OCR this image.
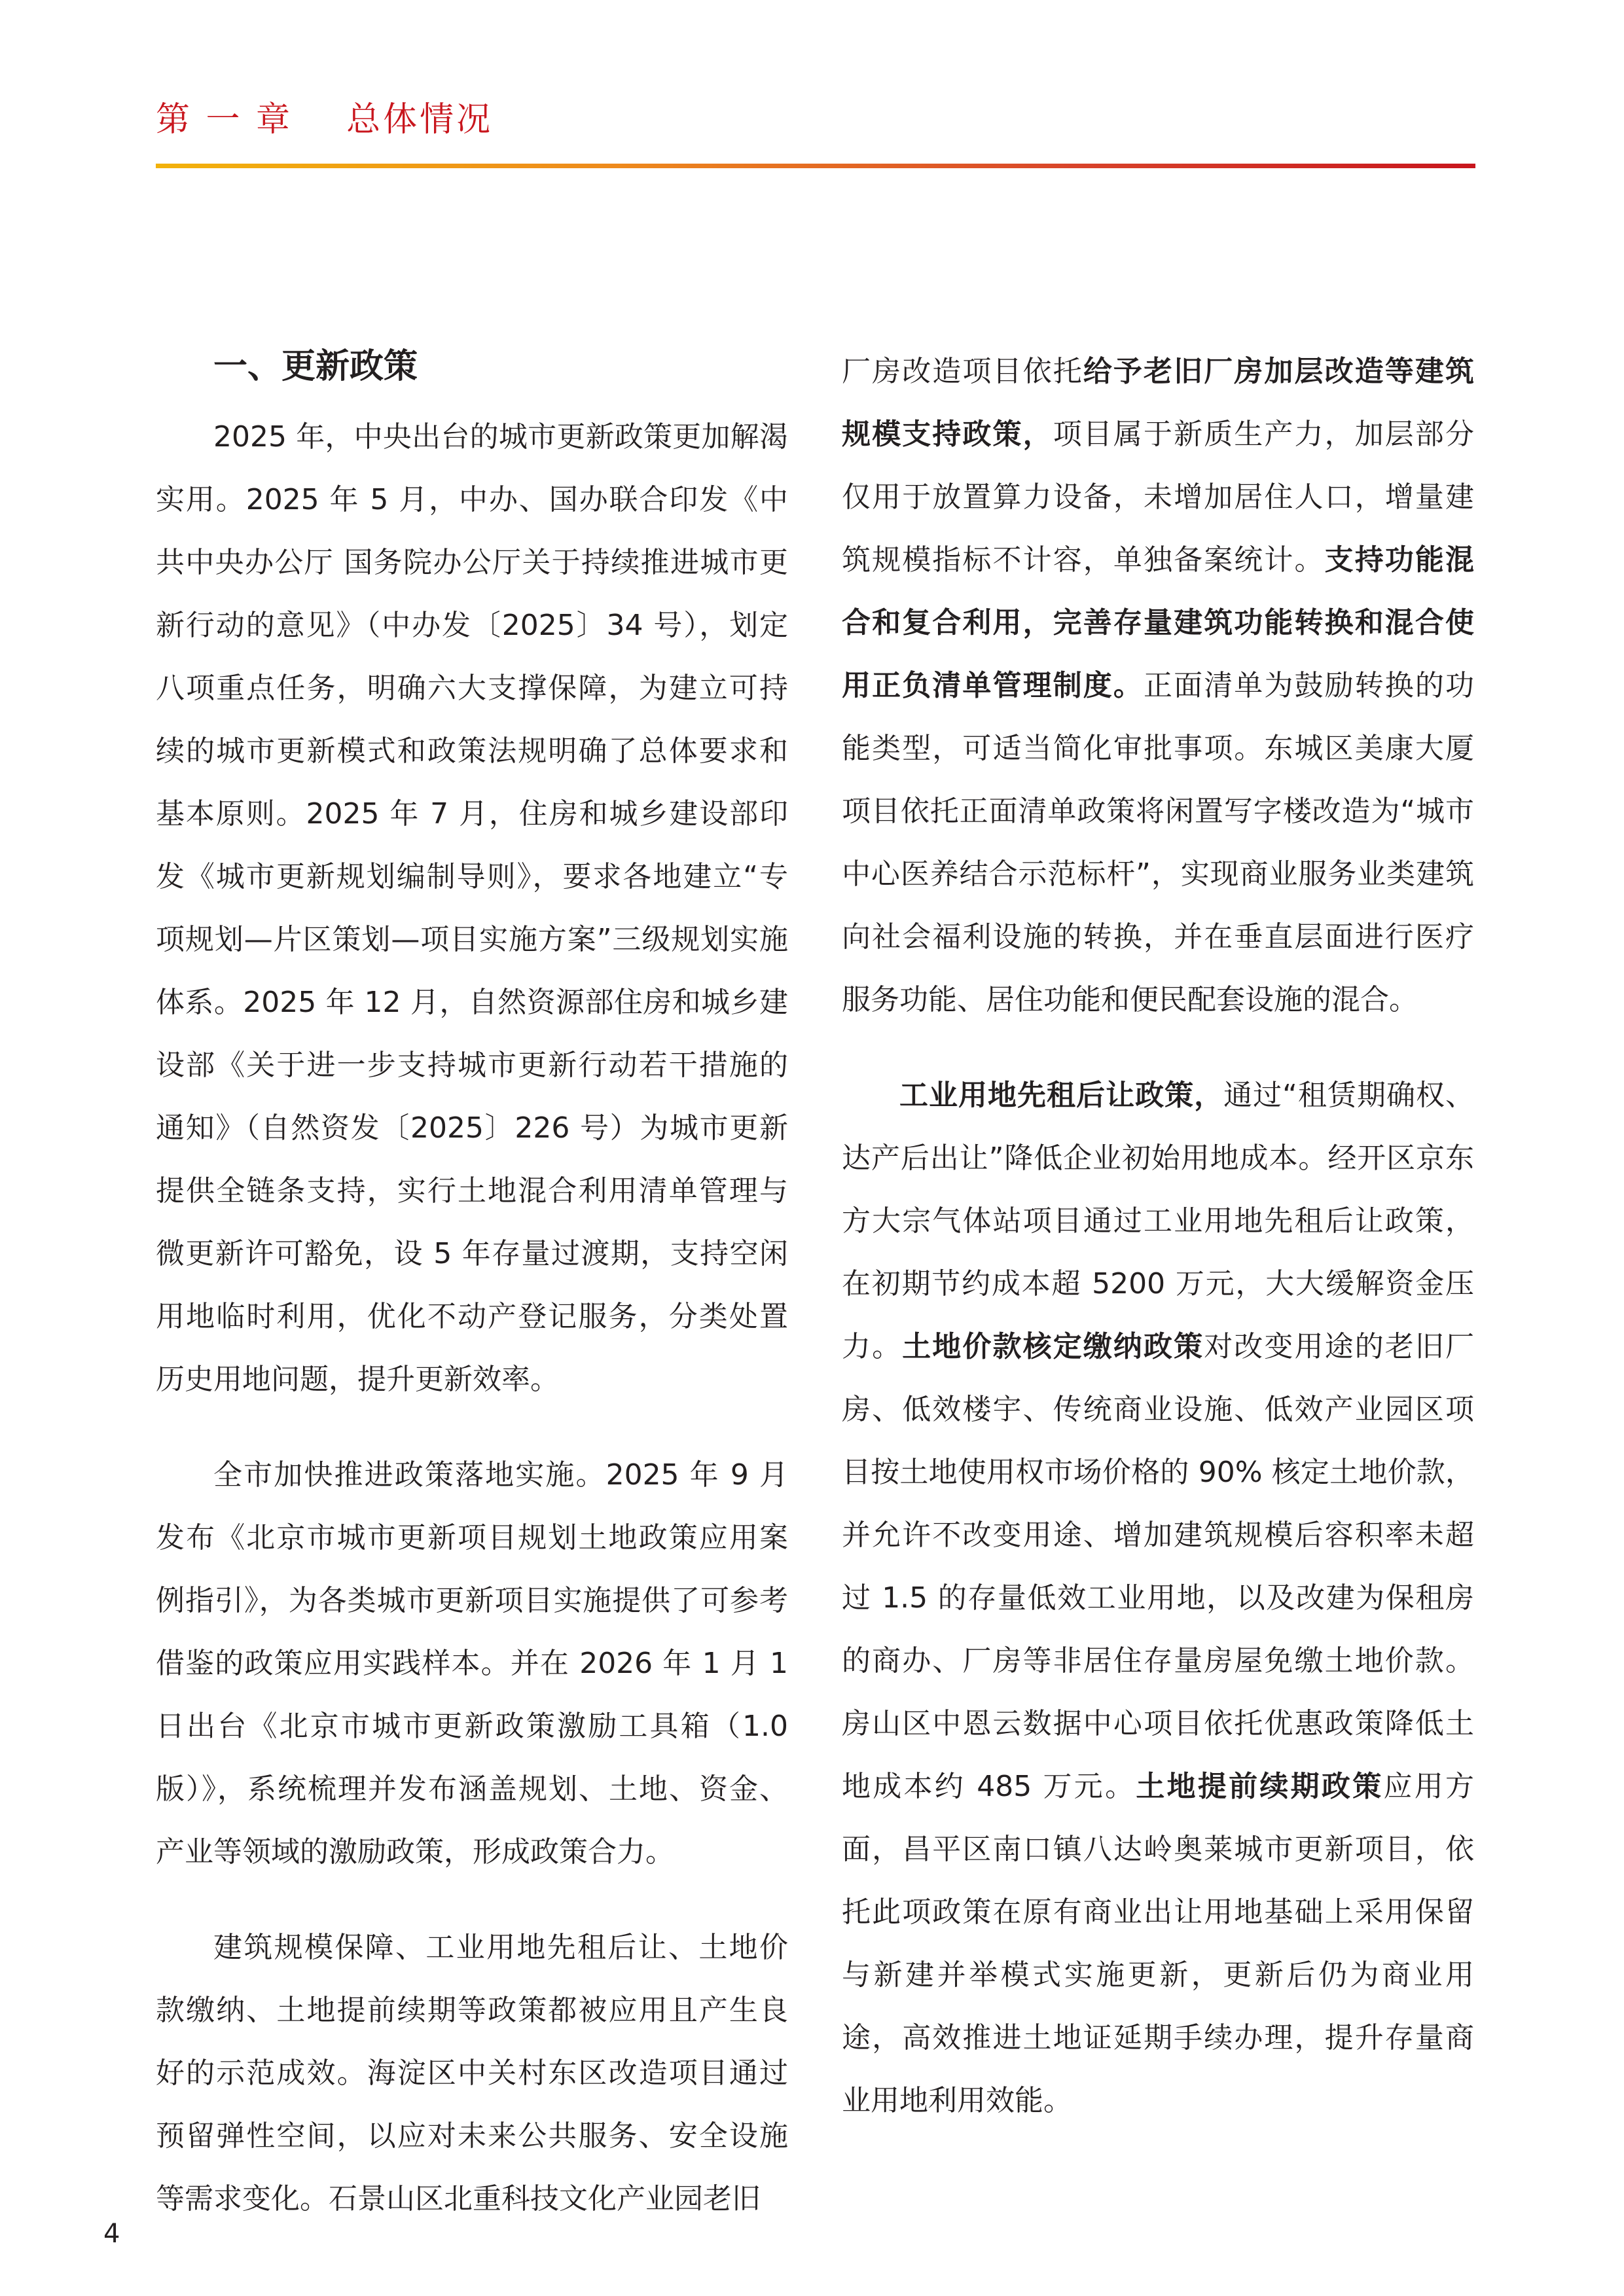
第 一 章    总体情况
一、更新政策

2025 年，中央出台的城市更新政策更加解渴实用。2025 年 5 月，中办、国办联合印发《中共中央办公厅 国务院办公厅关于持续推进城市更新行动的意见》（中办发〔2025〕34 号），划定八项重点任务，明确六大支撑保障，为建立可持续的城市更新模式和政策法规明确了总体要求和基本原则。2025 年 7 月，住房和城乡建设部印发《城市更新规划编制导则》，要求各地建立“专项规划—片区策划—项目实施方案”三级规划实施体系。2025 年 12 月，自然资源部住房和城乡建设部《关于进一步支持城市更新行动若干措施的通知》（自然资发〔2025〕226 号）为城市更新提供全链条支持，实行土地混合利用清单管理与微更新许可豁免，设 5 年存量过渡期，支持空闲用地临时利用，优化不动产登记服务，分类处置历史用地问题，提升更新效率。

全市加快推进政策落地实施。2025 年 9 月发布《北京市城市更新项目规划土地政策应用案例指引》，为各类城市更新项目实施提供了可参考借鉴的政策应用实践样本。并在 2026 年 1 月 1 日出台《北京市城市更新政策激励工具箱（1.0 版）》，系统梳理并发布涵盖规划、土地、资金、产业等领域的激励政策，形成政策合力。

建筑规模保障、工业用地先租后让、土地价款缴纳、土地提前续期等政策都被应用且产生良好的示范成效。海淀区中关村东区改造项目通过预留弹性空间，以应对未来公共服务、安全设施等需求变化。石景山区北重科技文化产业园老旧

厂房改造项目依托给予老旧厂房加层改造等建筑规模支持政策，项目属于新质生产力，加层部分仅用于放置算力设备，未增加居住人口，增量建筑规模指标不计容，单独备案统计。支持功能混合和复合利用，完善存量建筑功能转换和混合使用正负清单管理制度。正面清单为鼓励转换的功能类型，可适当简化审批事项。东城区美康大厦项目依托正面清单政策将闲置写字楼改造为“城市中心医养结合示范标杆”，实现商业服务业类建筑向社会福利设施的转换，并在垂直层面进行医疗服务功能、居住功能和便民配套设施的混合。

工业用地先租后让政策，通过“租赁期确权、达产后出让”降低企业初始用地成本。经开区京东方大宗气体站项目通过工业用地先租后让政策，在初期节约成本超 5200 万元，大大缓解资金压力。土地价款核定缴纳政策对改变用途的老旧厂房、低效楼宇、传统商业设施、低效产业园区项目按土地使用权市场价格的 90% 核定土地价款，并允许不改变用途、增加建筑规模后容积率未超过 1.5 的存量低效工业用地，以及改建为保租房的商办、厂房等非居住存量房屋免缴土地价款。房山区中恩云数据中心项目依托优惠政策降低土地成本约 485 万元。土地提前续期政策应用方面，昌平区南口镇八达岭奥莱城市更新项目，依托此项政策在原有商业出让用地基础上采用保留与新建并举模式实施更新，更新后仍为商业用途，高效推进土地证延期手续办理，提升存量商业用地利用效能。

4
